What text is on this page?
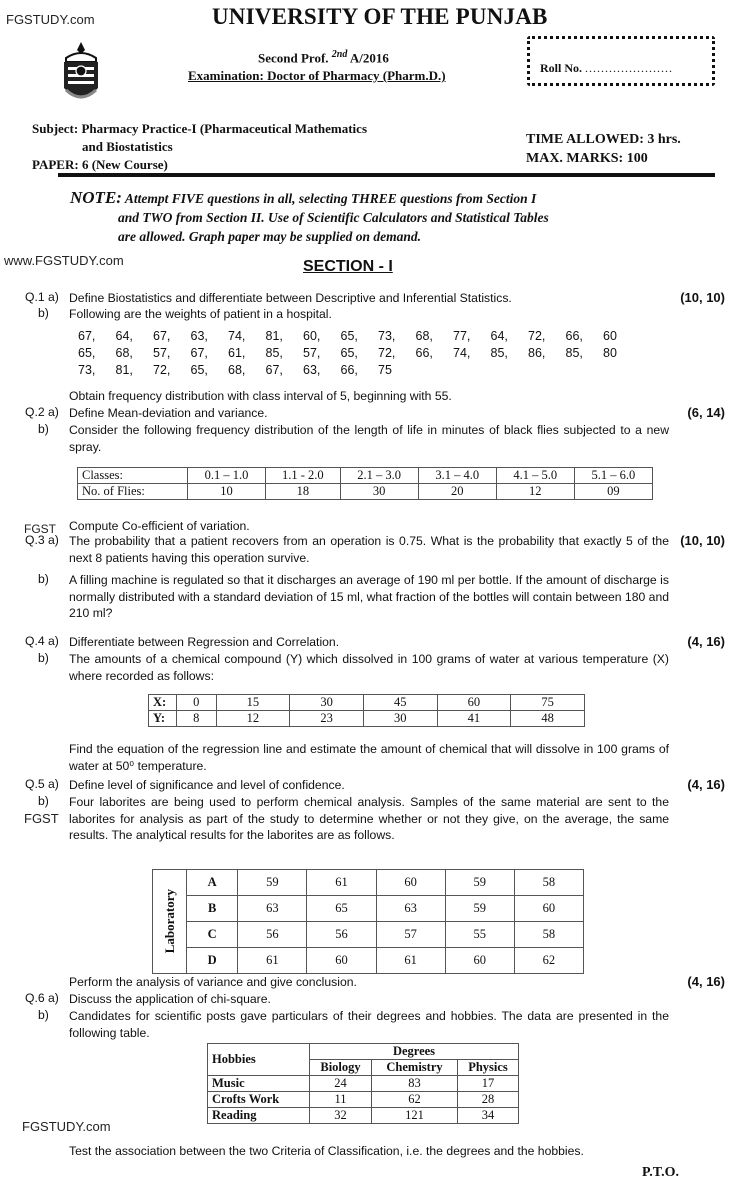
FGSTUDY.com
www.FGSTUDY.com
FGST
FGST
FGSTUDY.com
UNIVERSITY OF THE PUNJAB
Second Prof. $^{2nd}$ A/2016
Examination: Doctor of Pharmacy (Pharm.D.)	Roll No. ......................
Subject: Pharmacy Practice-I (Pharmaceutical Mathematics
and Biostatistics
PAPER: 6 (New Course)
TIME ALLOWED: 3 hrs.
MAX. MARKS: 100
NOTE: Attempt FIVE questions in all, selecting THREE questions from Section I
and TWO from Section II. Use of Scientific Calculators and Statistical Tables
are allowed. Graph paper may be supplied on demand.
SECTION - I
Q.1 a) Define Biostatistics and differentiate between Descriptive and Inferential Statistics.	(10, 10)
b) Following are the weights of patient in a hospital.
67, 64, 67, 63, 74, 81, 60, 65, 73, 68, 77, 64, 72, 66, 60
65, 68, 57, 67, 61, 85, 57, 65, 72, 66, 74, 85, 86, 85, 80
73, 81, 72, 65, 68, 67, 63, 66, 75
Obtain frequency distribution with class interval of 5, beginning with 55.
Q.2 a) Define Mean-deviation and variance.	(6, 14)
b) Consider the following frequency distribution of the length of life in minutes of black flies subjected to a new spray.
Classes:	0.1 – 1.0	1.1 - 2.0	2.1 – 3.0	3.1 – 4.0	4.1 – 5.0	5.1 – 6.0
No. of Flies:	10	18	30	20	12	09
Compute Co-efficient of variation.
Q.3 a) The probability that a patient recovers from an operation is 0.75. What is the probability that exactly 5 of the next 8 patients having this operation survive.
(10, 10)
b) A filling machine is regulated so that it discharges an average of 190 ml per bottle. If the amount of discharge is normally distributed with a standard deviation of 15 ml, what fraction of the bottles will contain between 180 and 210 ml?
Q.4 a) Differentiate between Regression and Correlation.	(4, 16)
b) The amounts of a chemical compound (Y) which dissolved in 100 grams of water at various temperature (X) where recorded as follows:
X:	0	15	30	45	60	75
Y:	8	12	23	30	41	48
Find the equation of the regression line and estimate the amount of chemical that will dissolve in 100 grams of water at 50⁰ temperature.
Q.5 a) Define level of significance and level of confidence.	(4, 16)
b) Four laborites are being used to perform chemical analysis. Samples of the same material are sent to the laborites for analysis as part of the study to determine whether or not they give, on the average, the same results. The analytical results for the laborites are as follows.
Laboratory	A	59	61	60	59	58
	B	63	65	63	59	60
	C	56	56	57	55	58
	D	61	60	61	60	62
Perform the analysis of variance and give conclusion.	(4, 16)
Q.6 a) Discuss the application of chi-square.
b) Candidates for scientific posts gave particulars of their degrees and hobbies. The data are presented in the following table.
Hobbies	Degrees		
	Biology	Chemistry	Physics
Music	24	83	17
Crofts Work	11	62	28
Reading	32	121	34
Test the association between the two Criteria of Classification, i.e. the degrees and the hobbies.
P.T.O.
